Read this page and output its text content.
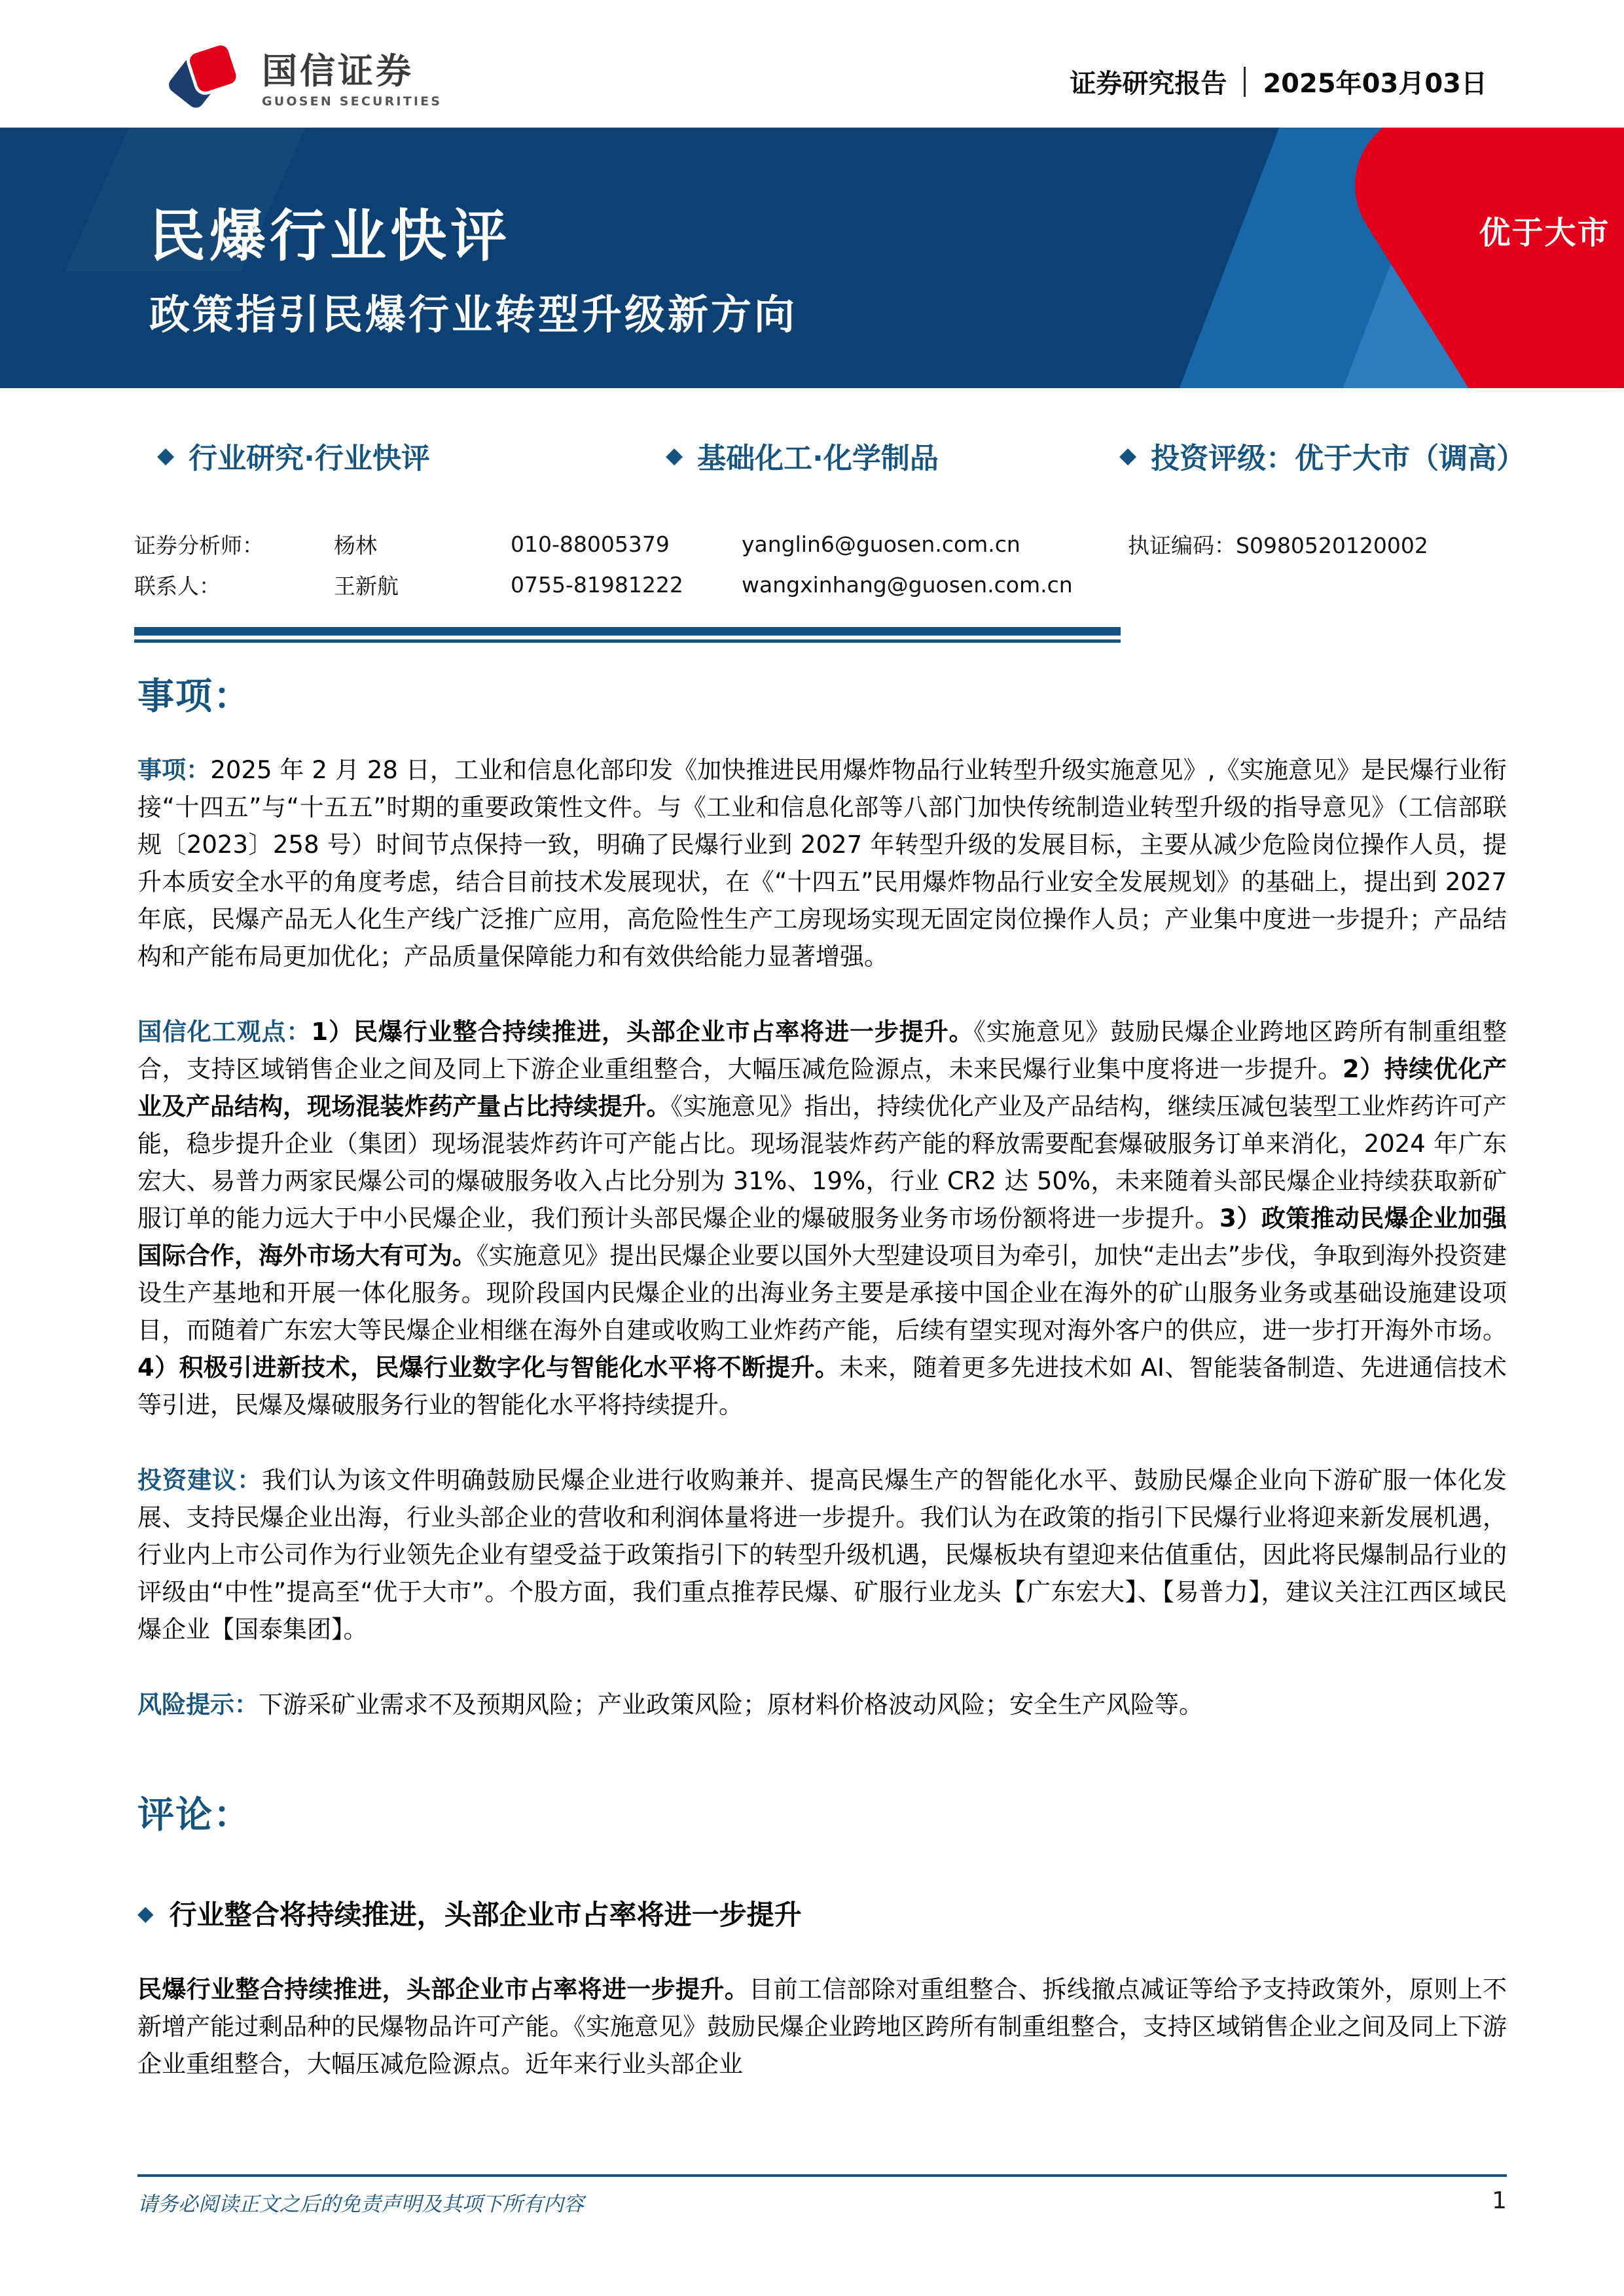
国信证券
GUOSEN SECURITIES
证券研究报告 2025年03月03日
民爆行业快评
政策指引民爆行业转型升级新方向
优于大市
◆ 行业研究·行业快评	◆ 基础化工·化学制品	◆ 投资评级：优于大市（调高）
证券分析师：	杨林	010-88005379	yanglin6@guosen.com.cn	执证编码：S0980520120002
联系人：	王新航	0755-81981222	wangxinhang@guosen.com.cn
事项：

事项：2025 年 2 月 28 日，工业和信息化部印发《加快推进民用爆炸物品行业转型升级实施意见》,《实施意见》是民爆行业衔接“十四五”与“十五五”时期的重要政策性文件。与《工业和信息化部等八部门加快传统制造业转型升级的指导意见》（工信部联规〔2023〕258 号）时间节点保持一致，明确了民爆行业到 2027 年转型升级的发展目标，主要从减少危险岗位操作人员，提升本质安全水平的角度考虑，结合目前技术发展现状，在《“十四五”民用爆炸物品行业安全发展规划》的基础上，提出到 2027 年底，民爆产品无人化生产线广泛推广应用，高危险性生产工房现场实现无固定岗位操作人员；产业集中度进一步提升；产品结构和产能布局更加优化；产品质量保障能力和有效供给能力显著增强。

国信化工观点：1）民爆行业整合持续推进，头部企业市占率将进一步提升。《实施意见》鼓励民爆企业跨地区跨所有制重组整合，支持区域销售企业之间及同上下游企业重组整合，大幅压减危险源点，未来民爆行业集中度将进一步提升。2）持续优化产业及产品结构，现场混装炸药产量占比持续提升。《实施意见》指出，持续优化产业及产品结构，继续压减包装型工业炸药许可产能，稳步提升企业（集团）现场混装炸药许可产能占比。现场混装炸药产能的释放需要配套爆破服务订单来消化，2024 年广东宏大、易普力两家民爆公司的爆破服务收入占比分别为 31%、19%，行业 CR2 达 50%，未来随着头部民爆企业持续获取新矿服订单的能力远大于中小民爆企业，我们预计头部民爆企业的爆破服务业务市场份额将进一步提升。3）政策推动民爆企业加强国际合作，海外市场大有可为。《实施意见》提出民爆企业要以国外大型建设项目为牵引，加快“走出去”步伐，争取到海外投资建设生产基地和开展一体化服务。现阶段国内民爆企业的出海业务主要是承接中国企业在海外的矿山服务业务或基础设施建设项目，而随着广东宏大等民爆企业相继在海外自建或收购工业炸药产能，后续有望实现对海外客户的供应，进一步打开海外市场。4）积极引进新技术，民爆行业数字化与智能化水平将不断提升。未来，随着更多先进技术如 AI、智能装备制造、先进通信技术等引进，民爆及爆破服务行业的智能化水平将持续提升。

投资建议：我们认为该文件明确鼓励民爆企业进行收购兼并、提高民爆生产的智能化水平、鼓励民爆企业向下游矿服一体化发展、支持民爆企业出海，行业头部企业的营收和利润体量将进一步提升。我们认为在政策的指引下民爆行业将迎来新发展机遇，行业内上市公司作为行业领先企业有望受益于政策指引下的转型升级机遇，民爆板块有望迎来估值重估，因此将民爆制品行业的评级由“中性”提高至“优于大市”。个股方面，我们重点推荐民爆、矿服行业龙头【广东宏大】、【易普力】，建议关注江西区域民爆企业【国泰集团】。

风险提示：下游采矿业需求不及预期风险；产业政策风险；原材料价格波动风险；安全生产风险等。

评论：
◆ 行业整合将持续推进，头部企业市占率将进一步提升

民爆行业整合持续推进，头部企业市占率将进一步提升。目前工信部除对重组整合、拆线撤点减证等给予支持政策外，原则上不新增产能过剩品种的民爆物品许可产能。《实施意见》鼓励民爆企业跨地区跨所有制重组整合，支持区域销售企业之间及同上下游企业重组整合，大幅压减危险源点。近年来行业头部企业

请务必阅读正文之后的免责声明及其项下所有内容	1
